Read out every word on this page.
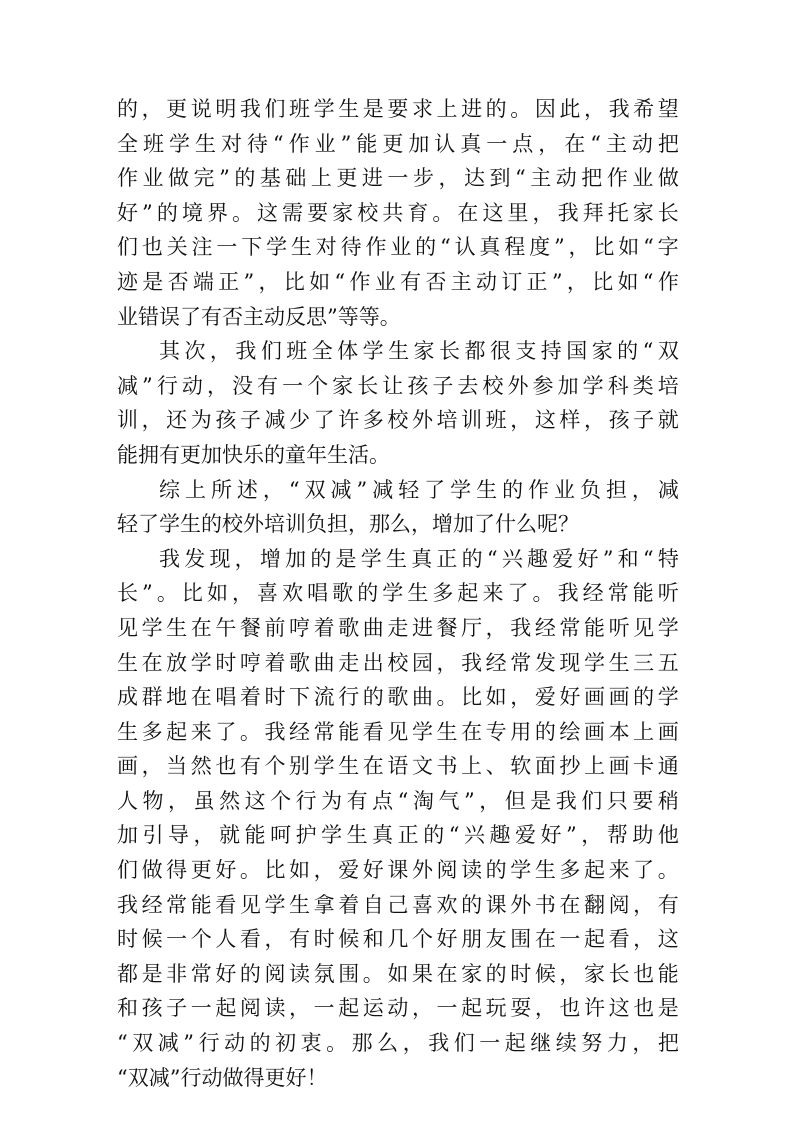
的 ， 更 说 明 我 们 班 学 生 是 要 求 上 进 的 。 因 此 ， 我 希 望
全 班 学 生 对 待 “ 作 业 ” 能 更 加 认 真 一 点 ， 在 “ 主 动 把
作 业 做 完 ” 的 基 础 上 更 进 一 步 ， 达 到 “ 主 动 把 作 业 做
好 ” 的 境 界 。 这 需 要 家 校 共 育 。 在 这 里 ， 我 拜 托 家 长
们 也 关 注 一 下 学 生 对 待 作 业 的 “ 认 真 程 度 ” ， 比 如 “ 字
迹 是 否 端 正 ” ， 比 如 “ 作 业 有 否 主 动 订 正 ” ， 比 如 “ 作
业错误了有否主动反思”等等。
其 次 ， 我 们 班 全 体 学 生 家 长 都 很 支 持 国 家 的 “ 双
减 ” 行 动 ， 没 有 一 个 家 长 让 孩 子 去 校 外 参 加 学 科 类 培
训 ， 还 为 孩 子 减 少 了 许 多 校 外 培 训 班 ， 这 样 ， 孩 子 就
能拥有更加快乐的童年生活。
综 上 所 述 ， “ 双 减 ” 减 轻 了 学 生 的 作 业 负 担 ， 减
轻了学生的校外培训负担，那么，增加了什么呢？
我 发 现 ， 增 加 的 是 学 生 真 正 的 “ 兴 趣 爱 好 ” 和 “ 特
长 ” 。 比 如 ， 喜 欢 唱 歌 的 学 生 多 起 来 了 。 我 经 常 能 听
见 学 生 在 午 餐 前 哼 着 歌 曲 走 进 餐 厅 ， 我 经 常 能 听 见 学
生 在 放 学 时 哼 着 歌 曲 走 出 校 园 ， 我 经 常 发 现 学 生 三 五
成 群 地 在 唱 着 时 下 流 行 的 歌 曲 。 比 如 ， 爱 好 画 画 的 学
生 多 起 来 了 。 我 经 常 能 看 见 学 生 在 专 用 的 绘 画 本 上 画
画 ， 当 然 也 有 个 别 学 生 在 语 文 书 上 、 软 面 抄 上 画 卡 通
人 物 ， 虽 然 这 个 行 为 有 点 “ 淘 气 ” ， 但 是 我 们 只 要 稍
加 引 导 ， 就 能 呵 护 学 生 真 正 的 “ 兴 趣 爱 好 ” ， 帮 助 他
们 做 得 更 好 。 比 如 ， 爱 好 课 外 阅 读 的 学 生 多 起 来 了 。
我 经 常 能 看 见 学 生 拿 着 自 己 喜 欢 的 课 外 书 在 翻 阅 ， 有
时 候 一 个 人 看 ， 有 时 候 和 几 个 好 朋 友 围 在 一 起 看 ， 这
都 是 非 常 好 的 阅 读 氛 围 。 如 果 在 家 的 时 候 ， 家 长 也 能
和 孩 子 一 起 阅 读 ， 一 起 运 动 ， 一 起 玩 耍 ， 也 许 这 也 是
“ 双 减 ” 行 动 的 初 衷 。 那 么 ， 我 们 一 起 继 续 努 力 ， 把
“双减”行动做得更好！
